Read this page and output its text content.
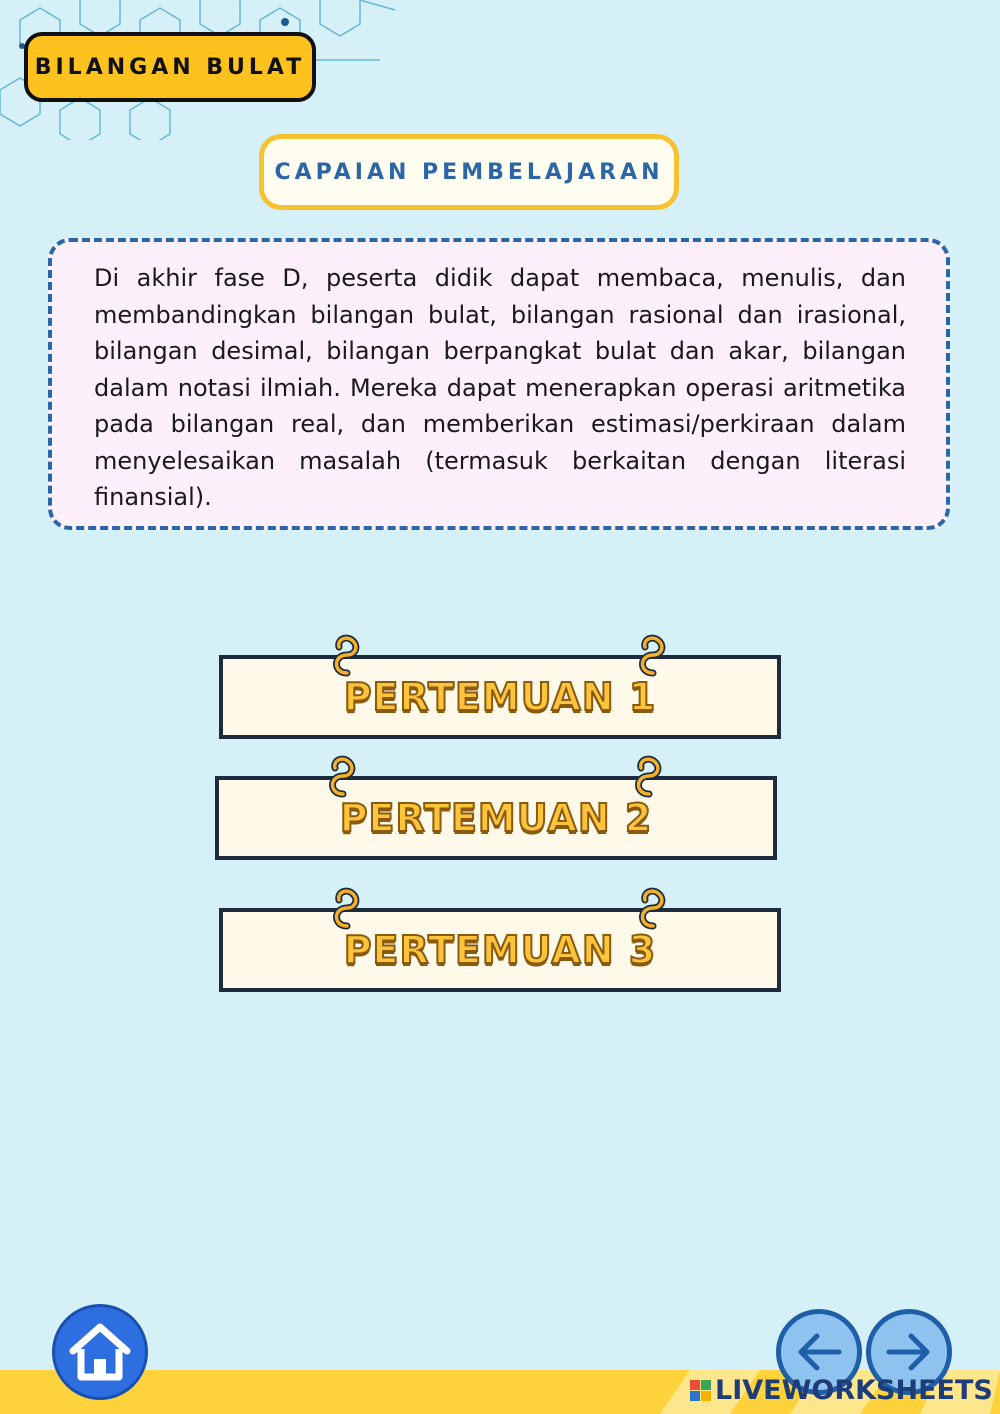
BILANGAN BULAT
CAPAIAN PEMBELAJARAN

Di akhir fase D, peserta didik dapat membaca, menulis, dan membandingkan bilangan bulat, bilangan rasional dan irasional, bilangan desimal, bilangan berpangkat bulat dan akar, bilangan dalam notasi ilmiah. Mereka dapat menerapkan operasi aritmetika pada bilangan real, dan memberikan estimasi/perkiraan dalam menyelesaikan masalah (termasuk berkaitan dengan literasi finansial).

PERTEMUAN 1
PERTEMUAN 2
PERTEMUAN 3
LIVEWORKSHEETS
